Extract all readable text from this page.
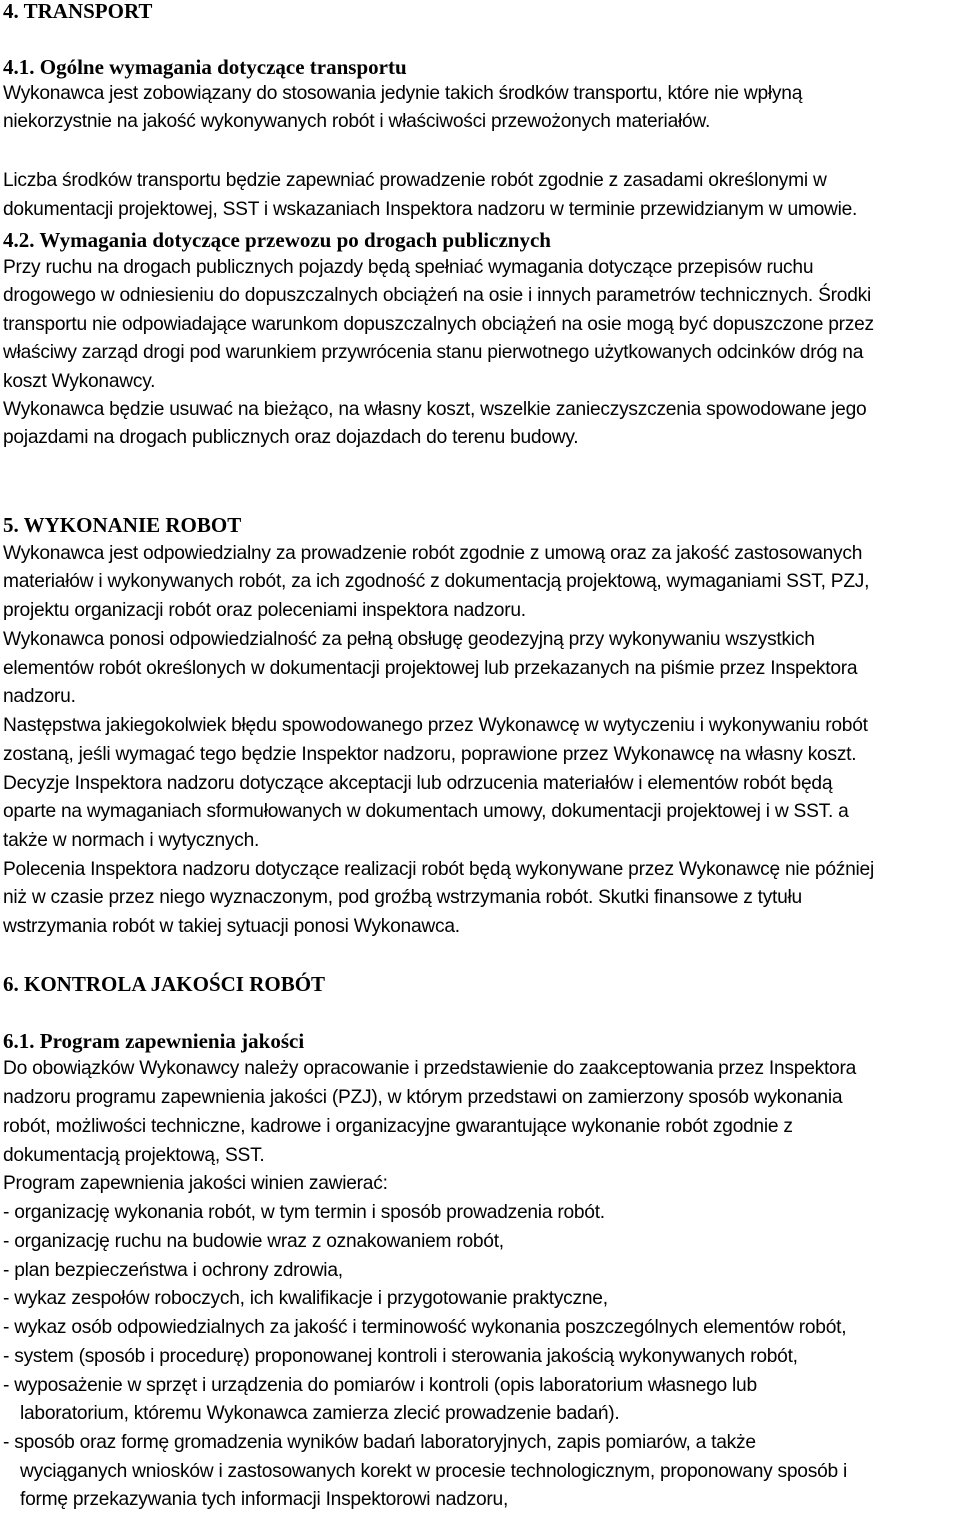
4. TRANSPORT
4.1. Ogólne wymagania dotyczące transportu
Wykonawca jest zobowiązany do stosowania jedynie takich środków transportu, które nie wpłyną
niekorzystnie na jakość wykonywanych robót i właściwości przewożonych materiałów.
Liczba środków transportu będzie zapewniać prowadzenie robót zgodnie z zasadami określonymi w
dokumentacji projektowej, SST i wskazaniach Inspektora nadzoru w terminie przewidzianym w umowie.
4.2. Wymagania dotyczące przewozu po drogach publicznych
Przy ruchu na drogach publicznych pojazdy będą spełniać wymagania dotyczące przepisów ruchu
drogowego w odniesieniu do dopuszczalnych obciążeń na osie i innych parametrów technicznych. Środki
transportu nie odpowiadające warunkom dopuszczalnych obciążeń na osie mogą być dopuszczone przez
właściwy zarząd drogi pod warunkiem przywrócenia stanu pierwotnego użytkowanych odcinków dróg na
koszt Wykonawcy.
Wykonawca będzie usuwać na bieżąco, na własny koszt, wszelkie zanieczyszczenia spowodowane jego
pojazdami na drogach publicznych oraz dojazdach do terenu budowy.
5. WYKONANIE ROBOT
Wykonawca jest odpowiedzialny za prowadzenie robót zgodnie z umową oraz za jakość zastosowanych
materiałów i wykonywanych robót, za ich zgodność z dokumentacją projektową, wymaganiami SST, PZJ,
projektu organizacji robót oraz poleceniami inspektora nadzoru.
Wykonawca ponosi odpowiedzialność za pełną obsługę geodezyjną przy wykonywaniu wszystkich
elementów robót określonych w dokumentacji projektowej lub przekazanych na piśmie przez Inspektora
nadzoru.
Następstwa jakiegokolwiek błędu spowodowanego przez Wykonawcę w wytyczeniu i wykonywaniu robót
zostaną, jeśli wymagać tego będzie Inspektor nadzoru, poprawione przez Wykonawcę na własny koszt.
Decyzje Inspektora nadzoru dotyczące akceptacji lub odrzucenia materiałów i elementów robót będą
oparte na wymaganiach sformułowanych w dokumentach umowy, dokumentacji projektowej i w SST. a
także w normach i wytycznych.
Polecenia Inspektora nadzoru dotyczące realizacji robót będą wykonywane przez Wykonawcę nie później
niż w czasie przez niego wyznaczonym, pod groźbą wstrzymania robót. Skutki finansowe z tytułu
wstrzymania robót w takiej sytuacji ponosi Wykonawca.
6. KONTROLA JAKOŚCI ROBÓT
6.1. Program zapewnienia jakości
Do obowiązków Wykonawcy należy opracowanie i przedstawienie do zaakceptowania przez Inspektora
nadzoru programu zapewnienia jakości (PZJ), w którym przedstawi on zamierzony sposób wykonania
robót, możliwości techniczne, kadrowe i organizacyjne gwarantujące wykonanie robót zgodnie z
dokumentacją projektową, SST.
Program zapewnienia jakości winien zawierać:
- organizację wykonania robót, w tym termin i sposób prowadzenia robót.
- organizację ruchu na budowie wraz z oznakowaniem robót,
- plan bezpieczeństwa i ochrony zdrowia,
- wykaz zespołów roboczych, ich kwalifikacje i przygotowanie praktyczne,
- wykaz osób odpowiedzialnych za jakość i terminowość wykonania poszczególnych elementów robót,
- system (sposób i procedurę) proponowanej kontroli i sterowania jakością wykonywanych robót,
- wyposażenie w sprzęt i urządzenia do pomiarów i kontroli (opis laboratorium własnego lub
laboratorium, któremu Wykonawca zamierza zlecić prowadzenie badań).
- sposób oraz formę gromadzenia wyników badań laboratoryjnych, zapis pomiarów, a także
wyciąganych wniosków i zastosowanych korekt w procesie technologicznym, proponowany sposób i
formę przekazywania tych informacji Inspektorowi nadzoru,
